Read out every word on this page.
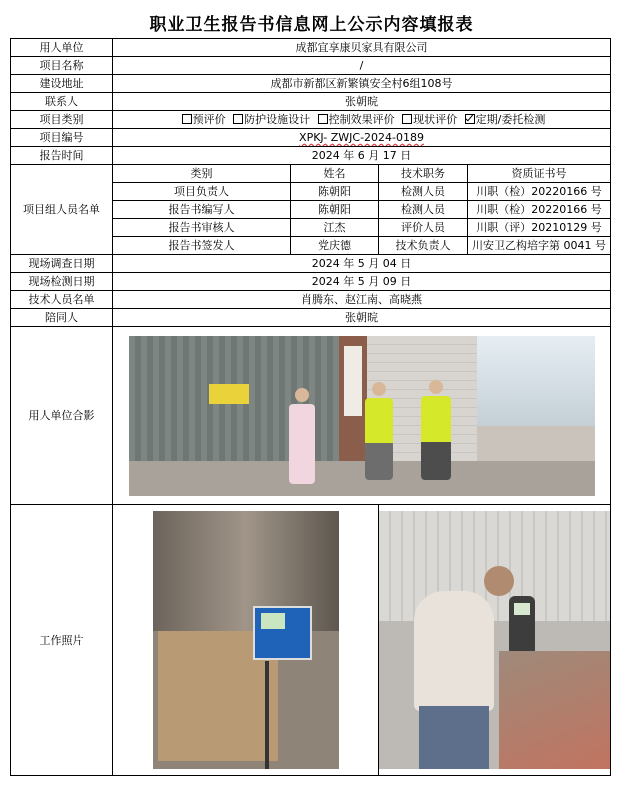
职业卫生报告书信息网上公示内容填报表
用人单位	成都宜享康贝家具有限公司
项目名称	/
建设地址	成都市新都区新繁镇安全村6组108号
联系人	张朝晥
项目类别	预评价 防护设施设计 控制效果评价 现状评价 定期/委托检测
项目编号	XPKJ- ZWJC-2024-0189
报告时间	2024 年 6 月 17 日
项目组人员名单	类别	姓名		技术职务	资质证书号

项目负责人	陈朝阳		检测人员	川职（检）20220166 号

报告书编写人	陈朝阳		检测人员	川职（检）20220166 号

报告书审核人	江杰		评价人员	川职（评）20210129 号

报告书签发人	党庆德		技术负责人	川安卫乙构培字第 0041 号

现场调查日期	2024 年 5 月 04 日
现场检测日期	2024 年 5 月 09 日
技术人员名单	肖腾东、赵江南、高晓燕
陪同人	张朝晥
用人单位合影	

工作照片	
